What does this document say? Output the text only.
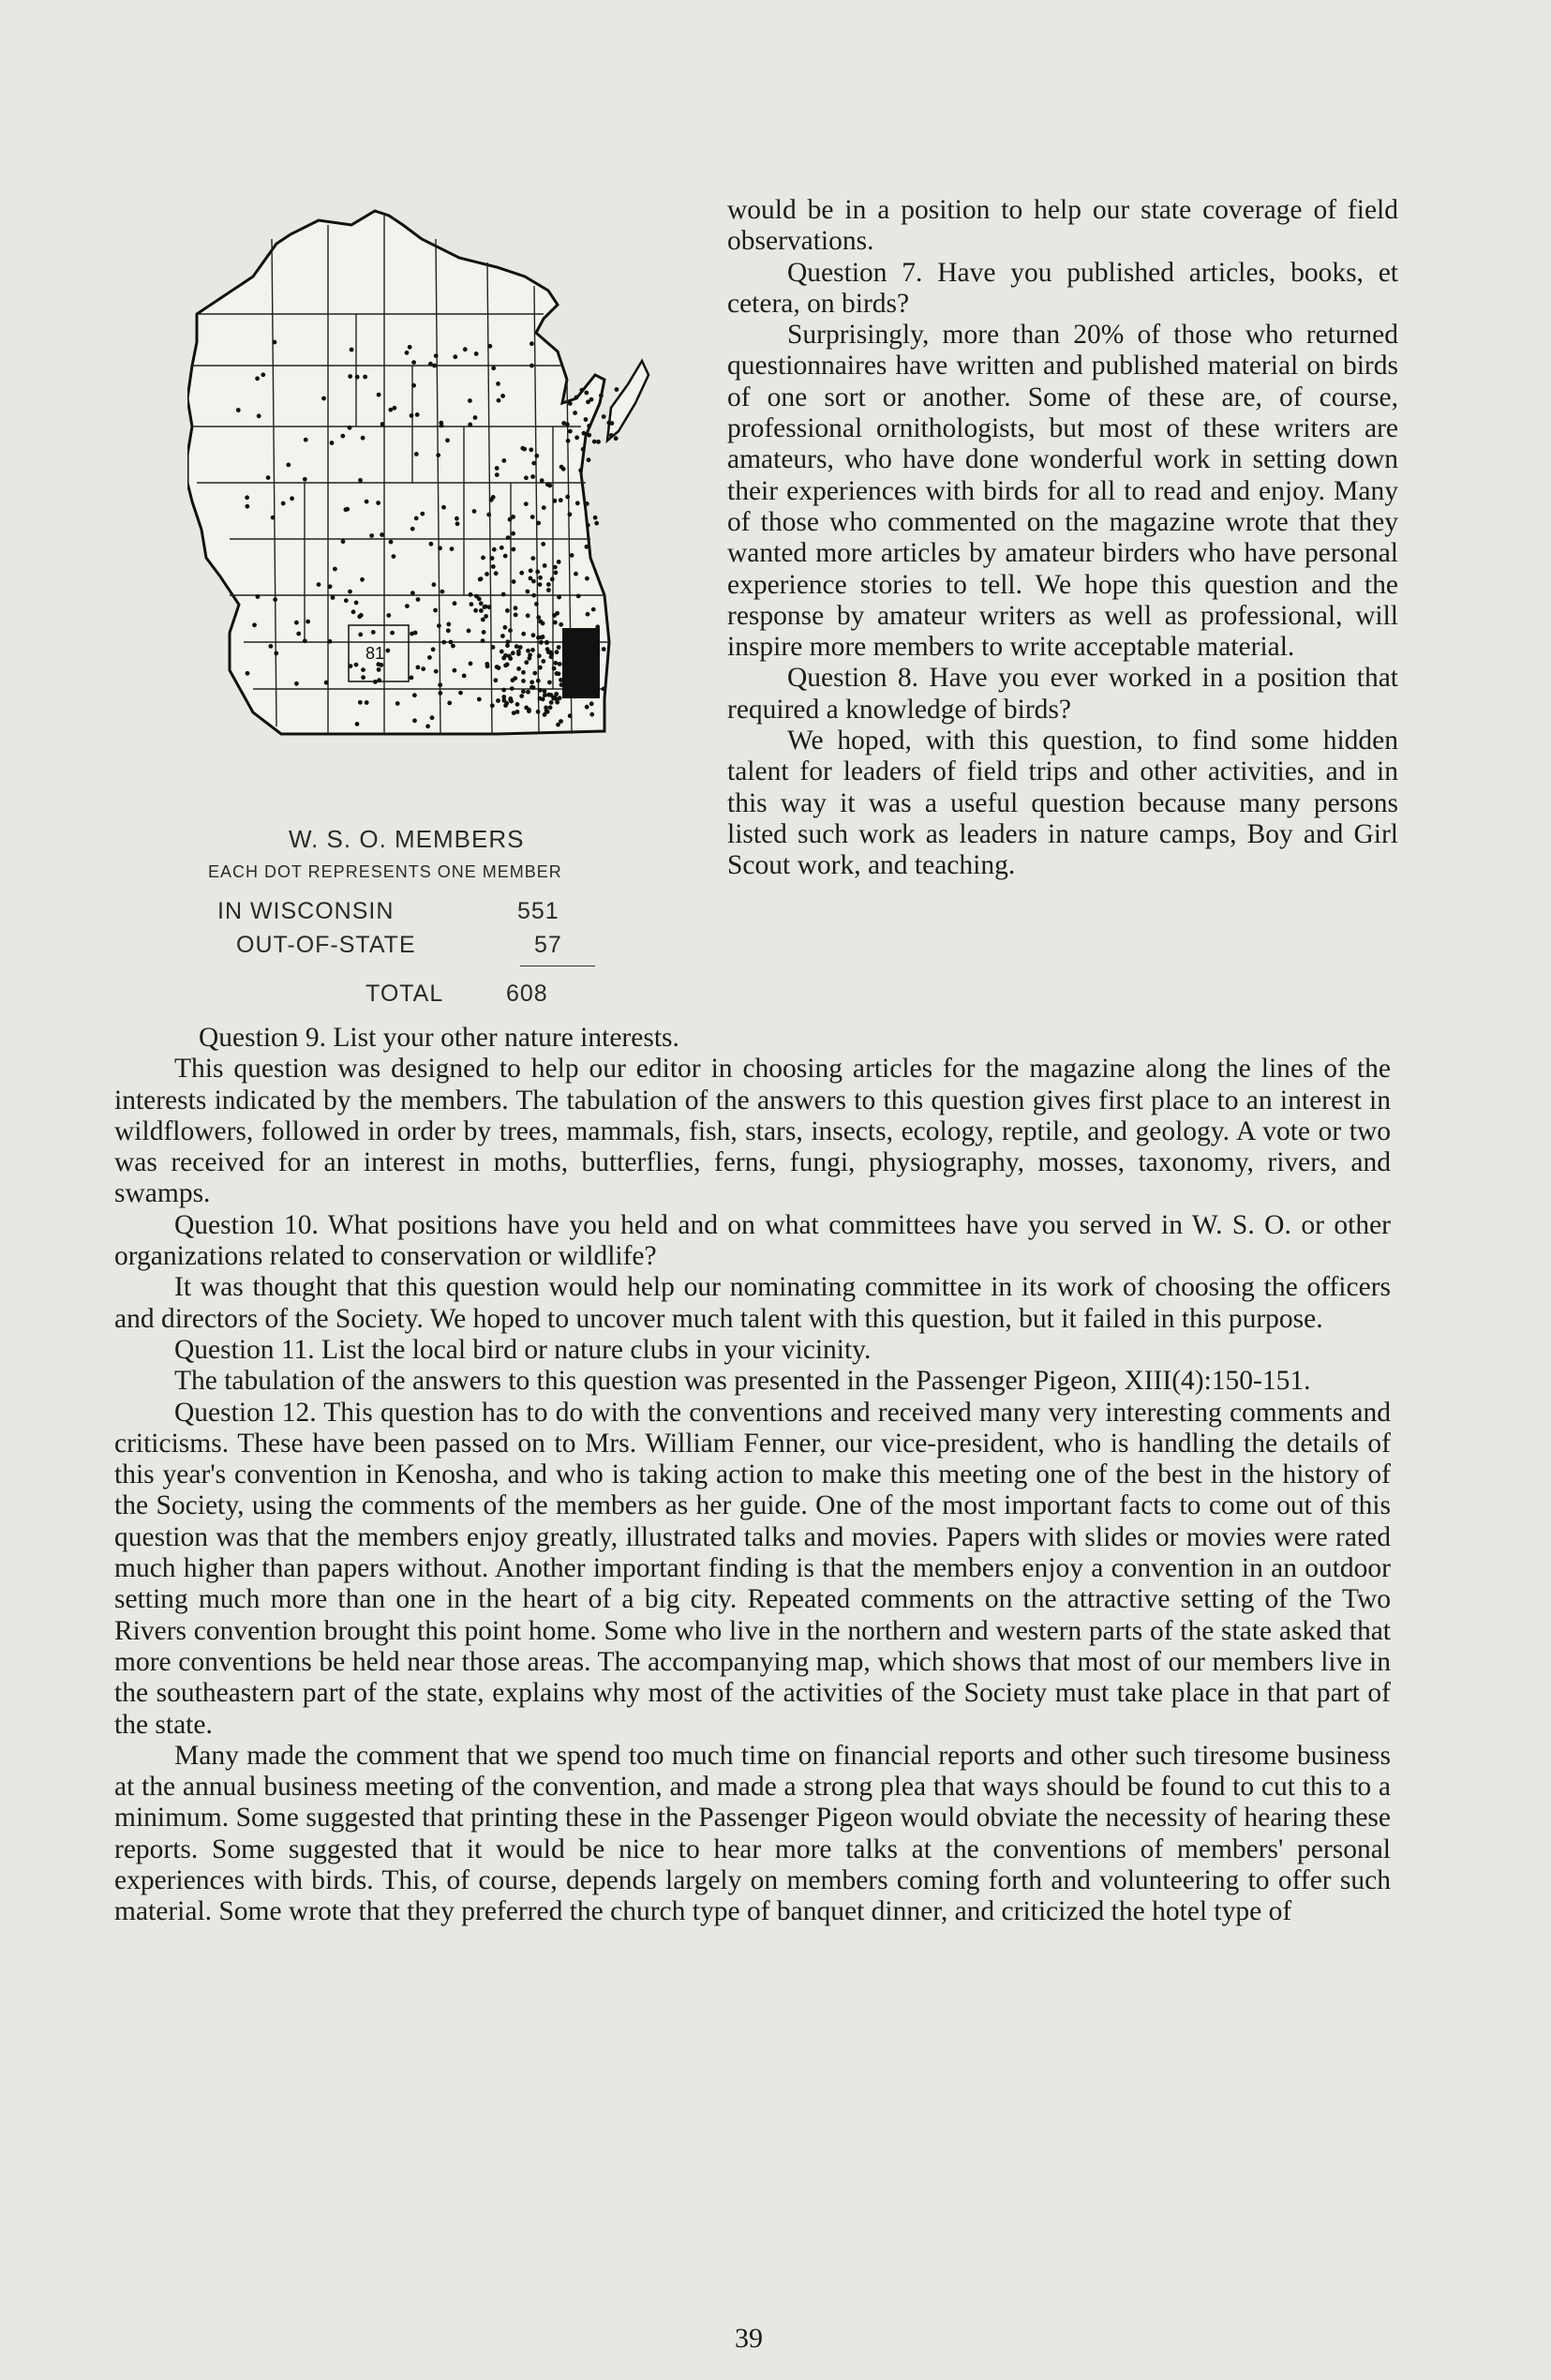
81
W. S. O. MEMBERS
EACH DOT REPRESENTS ONE MEMBER
IN WISCONSIN	551
OUT-OF-STATE	57
TOTAL	608

would be in a position to help our state coverage of field observations.

Question 7. Have you published articles, books, et cetera, on birds?

Surprisingly, more than 20% of those who returned questionnaires have written and published material on birds of one sort or another. Some of these are, of course, professional ornithologists, but most of these writers are amateurs, who have done wonderful work in setting down their experiences with birds for all to read and enjoy. Many of those who commented on the magazine wrote that they wanted more articles by amateur birders who have personal experience stories to tell. We hope this question and the response by amateur writers as well as professional, will inspire more members to write acceptable material.

Question 8. Have you ever worked in a position that required a knowledge of birds?

We hoped, with this question, to find some hidden talent for leaders of field trips and other activities, and in this way it was a useful question because many persons listed such work as leaders in nature camps, Boy and Girl Scout work, and teaching.

Question 9. List your other nature interests.

This question was designed to help our editor in choosing articles for the magazine along the lines of the interests indicated by the members. The tabulation of the answers to this question gives first place to an interest in wildflowers, followed in order by trees, mammals, fish, stars, insects, ecology, reptile, and geology. A vote or two was received for an interest in moths, butterflies, ferns, fungi, physiography, mosses, taxonomy, rivers, and swamps.

Question 10. What positions have you held and on what committees have you served in W. S. O. or other organizations related to conservation or wildlife?

It was thought that this question would help our nominating committee in its work of choosing the officers and directors of the Society. We hoped to uncover much talent with this question, but it failed in this purpose.

Question 11. List the local bird or nature clubs in your vicinity.

The tabulation of the answers to this question was presented in the Passenger Pigeon, XIII(4):150-151.

Question 12. This question has to do with the conventions and received many very interesting comments and criticisms. These have been passed on to Mrs. William Fenner, our vice-president, who is handling the details of this year's convention in Kenosha, and who is taking action to make this meeting one of the best in the history of the Society, using the comments of the members as her guide. One of the most important facts to come out of this question was that the members enjoy greatly, illustrated talks and movies. Papers with slides or movies were rated much higher than papers without. Another important finding is that the members enjoy a convention in an outdoor setting much more than one in the heart of a big city. Repeated comments on the attractive setting of the Two Rivers convention brought this point home. Some who live in the northern and western parts of the state asked that more conventions be held near those areas. The accompanying map, which shows that most of our members live in the southeastern part of the state, explains why most of the activities of the Society must take place in that part of the state.

Many made the comment that we spend too much time on financial reports and other such tiresome business at the annual business meeting of the convention, and made a strong plea that ways should be found to cut this to a minimum. Some suggested that printing these in the Passenger Pigeon would obviate the necessity of hearing these reports. Some suggested that it would be nice to hear more talks at the conventions of members' personal experiences with birds. This, of course, depends largely on members coming forth and volunteering to offer such material. Some wrote that they preferred the church type of banquet dinner, and criticized the hotel type of

39
